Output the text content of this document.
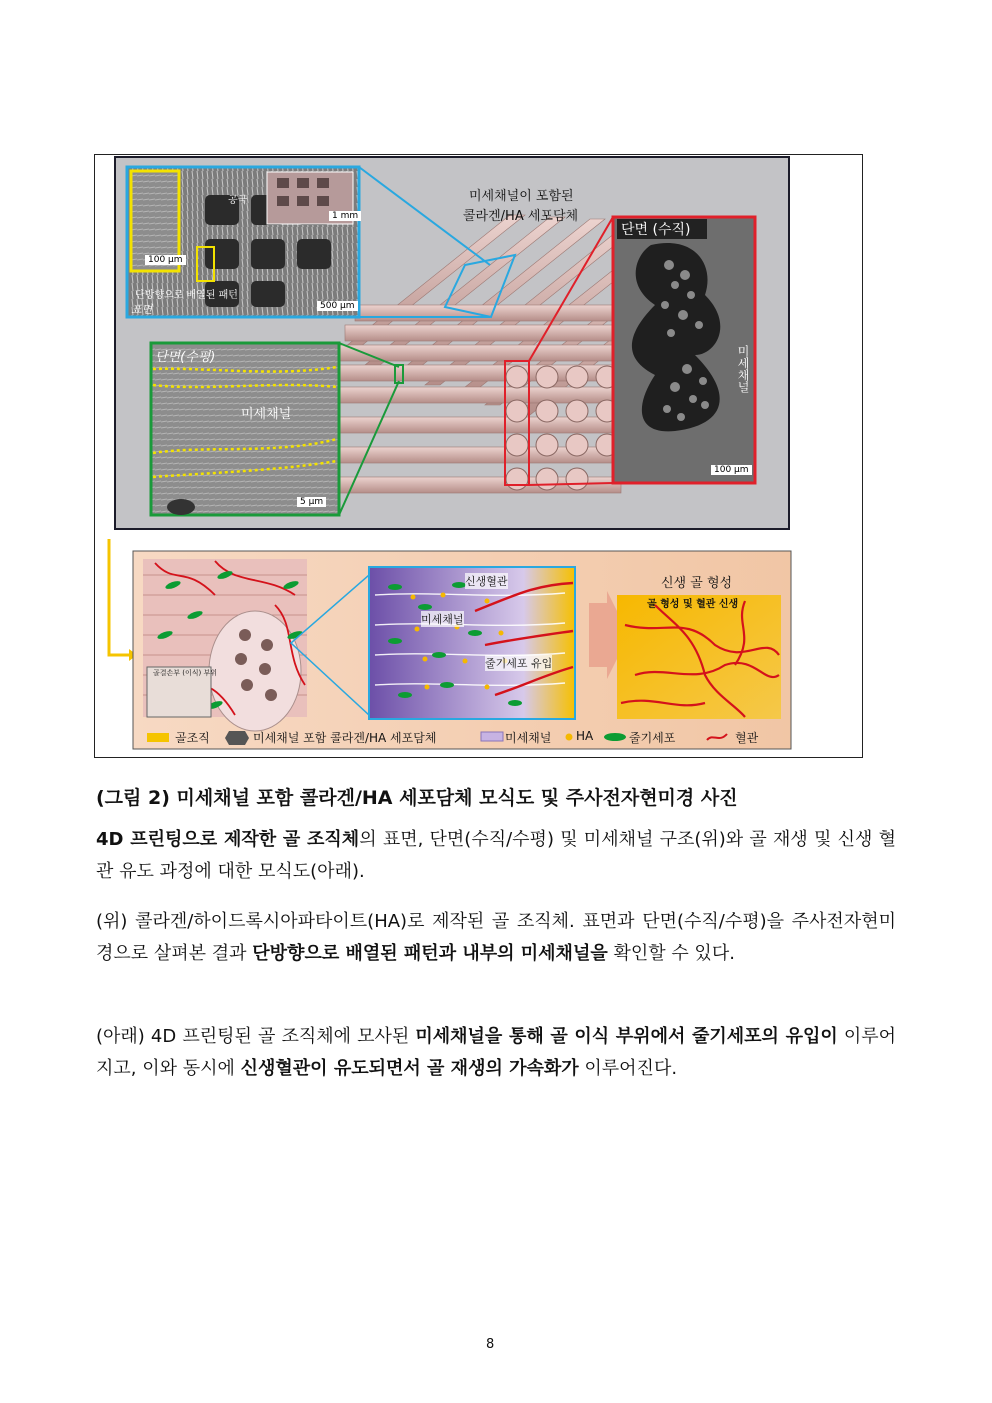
공극
100 μm
1 mm
500 μm
단방향으로 배열된 패턴
표면
미세채널이 포함된
콜라겐/HA 세포담체
단면 (수직)
미세채널
100 μm
단면(수평)
미세채널
5 μm
골결손부 (이식) 부위
신생혈관
미세채널
줄기세포 유입
신생 골 형성
골 형성 및 혈관 신생
골조직	미세채널 포함 콜라겐/HA 세포담체	미세채널 HA	줄기세포	혈관
(그림 2) 미세채널 포함 콜라겐/HA 세포담체 모식도 및 주사전자현미경 사진
4D 프린팅으로 제작한 골 조직체의 표면, 단면(수직/수평) 및 미세채널 구조(위)와 골 재생 및 신생 혈관 유도 과정에 대한 모식도(아래).
(위) 콜라겐/하이드록시아파타이트(HA)로 제작된 골 조직체. 표면과 단면(수직/수평)을 주사전자현미경으로 살펴본 결과 단방향으로 배열된 패턴과 내부의 미세채널을 확인할 수 있다.
(아래) 4D 프린팅된 골 조직체에 모사된 미세채널을 통해 골 이식 부위에서 줄기세포의 유입이 이루어지고, 이와 동시에 신생혈관이 유도되면서 골 재생의 가속화가 이루어진다.
8
